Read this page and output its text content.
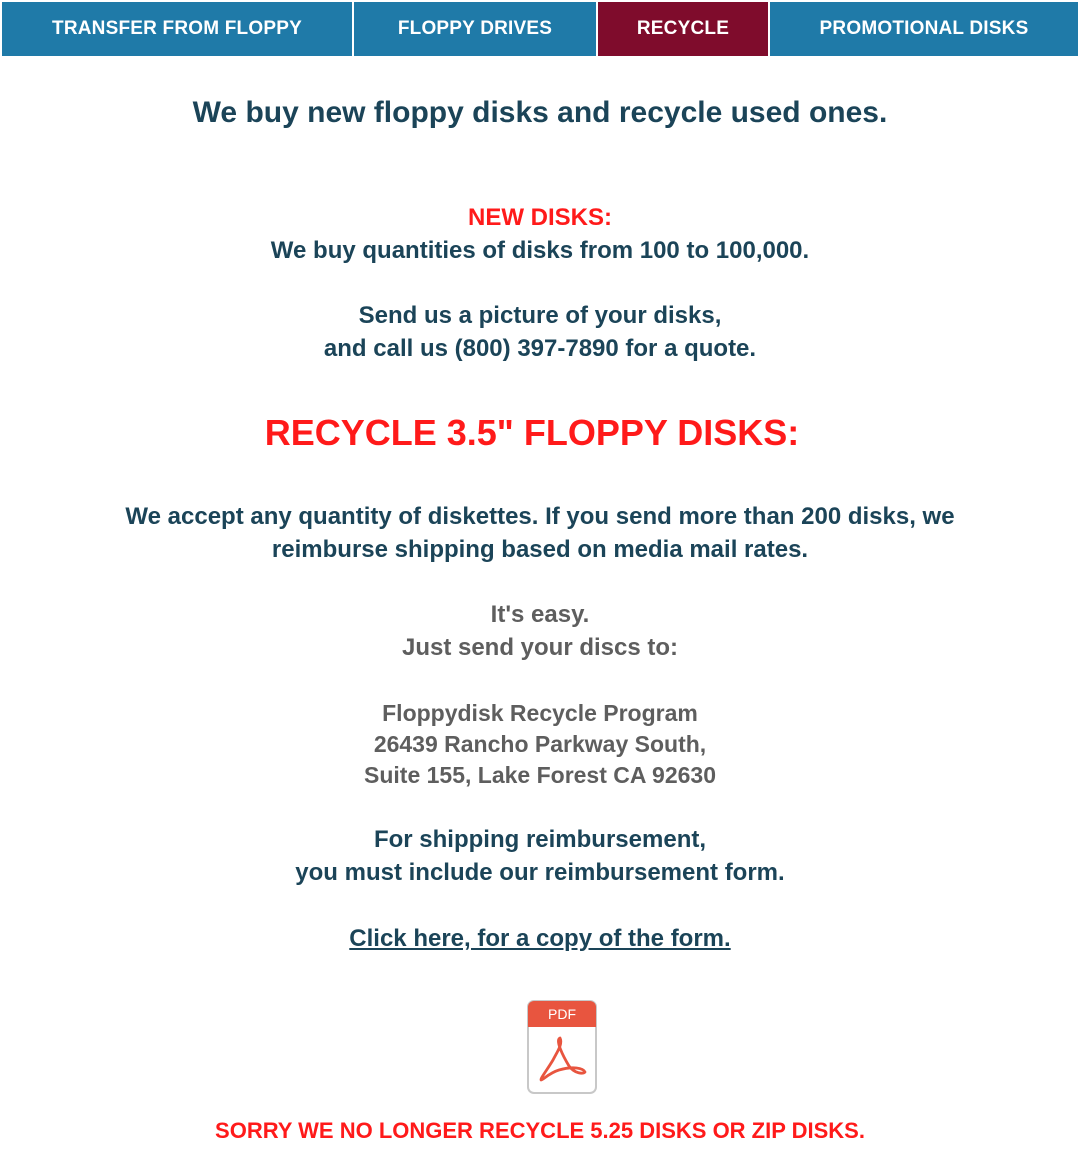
TRANSFER FROM FLOPPY	FLOPPY DRIVES	RECYCLE	PROMOTIONAL DISKS
We buy new floppy disks and recycle used ones.
NEW DISKS:
We buy quantities of disks from 100 to 100,000.
Send us a picture of your disks,
and call us (800) 397-7890 for a quote.
RECYCLE 3.5" FLOPPY DISKS:
We accept any quantity of diskettes. If you send more than 200 disks, we
reimburse shipping based on media mail rates.
It's easy.
Just send your discs to:
Floppydisk Recycle Program
26439 Rancho Parkway South,
Suite 155, Lake Forest CA 92630
For shipping reimbursement,
you must include our reimbursement form.
Click here, for a copy of the form.
PDF
SORRY WE NO LONGER RECYCLE 5.25 DISKS OR ZIP DISKS.
